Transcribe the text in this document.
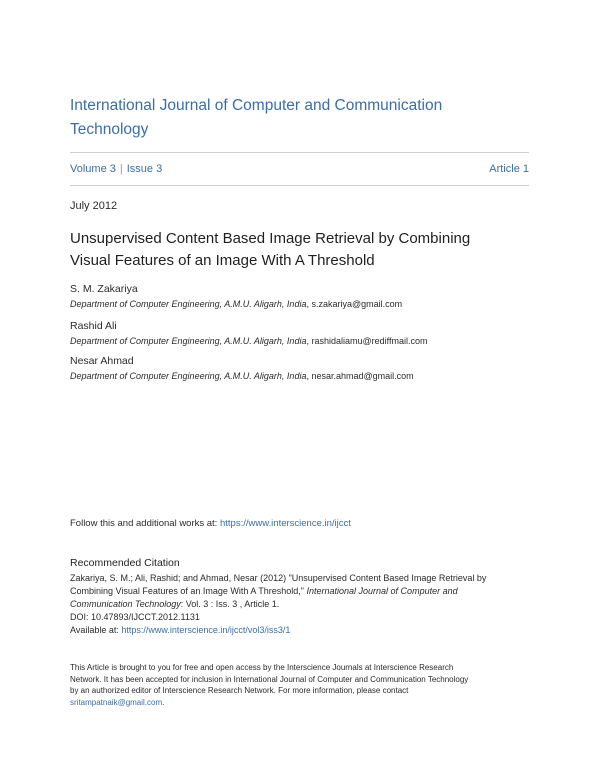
International Journal of Computer and Communication
Technology
Volume 3 | Issue 3	Article 1
July 2012
Unsupervised Content Based Image Retrieval by Combining
Visual Features of an Image With A Threshold
S. M. Zakariya
Department of Computer Engineering, A.M.U. Aligarh, India, s.zakariya@gmail.com
Rashid Ali
Department of Computer Engineering, A.M.U. Aligarh, India, rashidaliamu@rediffmail.com
Nesar Ahmad
Department of Computer Engineering, A.M.U. Aligarh, India, nesar.ahmad@gmail.com
Follow this and additional works at: https://www.interscience.in/ijcct
Recommended Citation
Zakariya, S. M.; Ali, Rashid; and Ahmad, Nesar (2012) "Unsupervised Content Based Image Retrieval by
Combining Visual Features of an Image With A Threshold," International Journal of Computer and
Communication Technology: Vol. 3 : Iss. 3 , Article 1.
DOI: 10.47893/IJCCT.2012.1131
Available at: https://www.interscience.in/ijcct/vol3/iss3/1
This Article is brought to you for free and open access by the Interscience Journals at Interscience Research
Network. It has been accepted for inclusion in International Journal of Computer and Communication Technology
by an authorized editor of Interscience Research Network. For more information, please contact
sritampatnaik@gmail.com.
